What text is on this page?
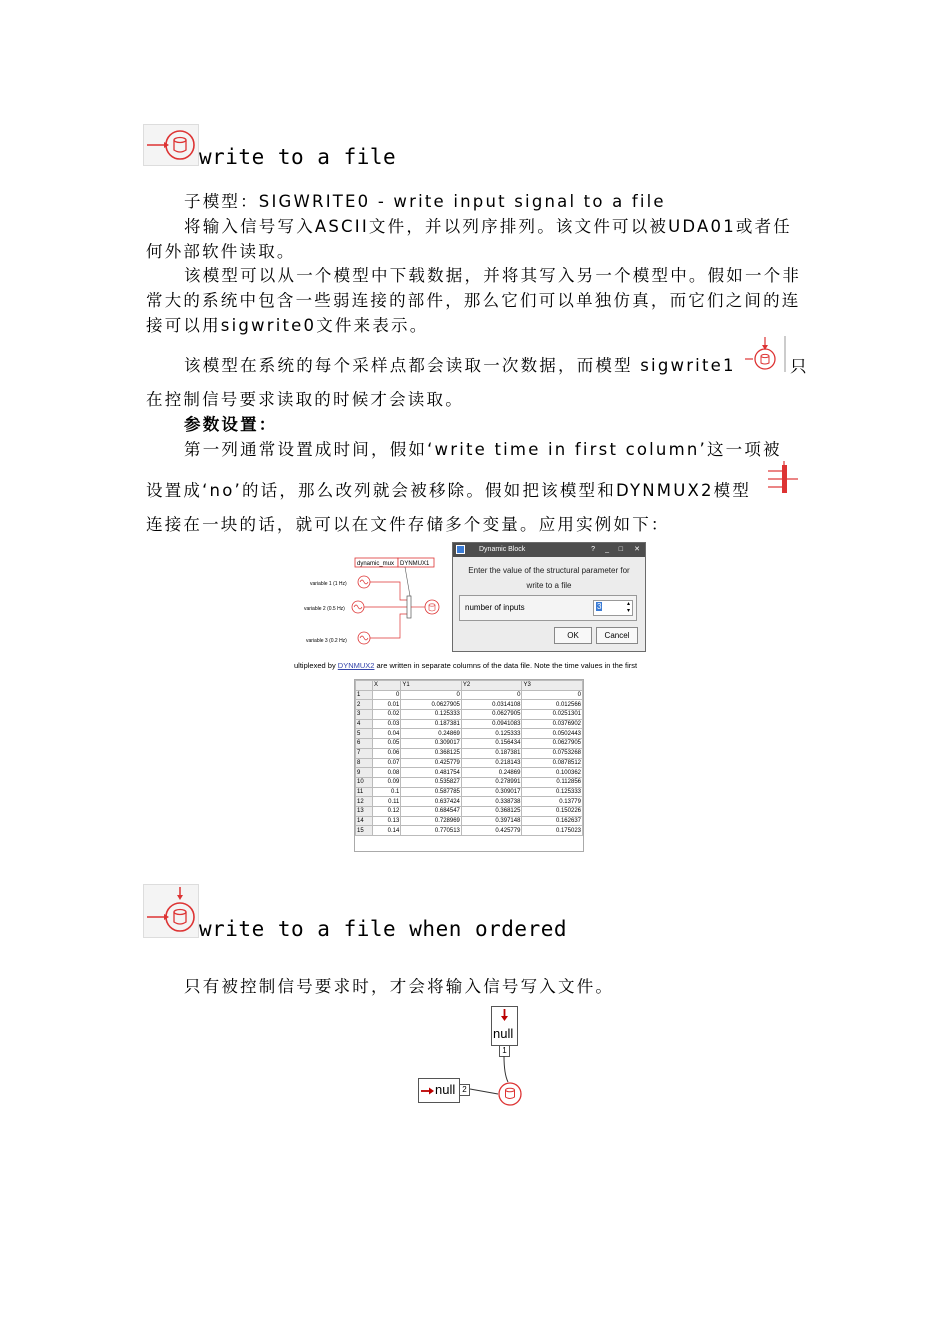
write to a file
子模型：SIGWRITE0 - write input signal to a file
将输入信号写入ASCII文件，并以列序排列。该文件可以被UDA01或者任何外部软件读取。
该模型可以从一个模型中下载数据，并将其写入另一个模型中。假如一个非常大的系统中包含一些弱连接的部件，那么它们可以单独仿真，而它们之间的连接可以用sigwrite0文件来表示。
该模型在系统的每个采样点都会读取一次数据，而模型 sigwrite1	只
在控制信号要求读取的时候才会读取。
参数设置：
第一列通常设置成时间，假如‘write time in first column’这一项被
设置成‘no’的话，那么改列就会被移除。假如把该模型和DYNMUX2模型
连接在一块的话，就可以在文件存储多个变量。应用实例如下：
dynamic_mux DYNMUX1
variable 1 (1 Hz)
variable 2 (0.5 Hz)
variable 3 (0.2 Hz)
Dynamic Block	? _ □ ✕
Enter the value of the structural parameter for
write to a file
number of inputs	3	▴
▾
OK	Cancel
ultiplexed by DYNMUX2 are written in separate columns of the data file. Note the time values in the first
	X	Y1	Y2	Y3
1	0	0	0	0
2	0.01	0.0627905	0.0314108	0.012566
3	0.02	0.125333	0.0627905	0.0251301
4	0.03	0.187381	0.0941083	0.0376902
5	0.04	0.24869	0.125333	0.0502443
6	0.05	0.309017	0.156434	0.0627905
7	0.06	0.368125	0.187381	0.0753268
8	0.07	0.425779	0.218143	0.0878512
9	0.08	0.481754	0.24869	0.100362
10	0.09	0.535827	0.278991	0.112856
11	0.1	0.587785	0.309017	0.125333
12	0.11	0.637424	0.338738	0.13779
13	0.12	0.684547	0.368125	0.150226
14	0.13	0.728969	0.397148	0.162637
15	0.14	0.770513	0.425779	0.175023
write to a file when ordered
只有被控制信号要求时，才会将输入信号写入文件。
null
1
null 2
